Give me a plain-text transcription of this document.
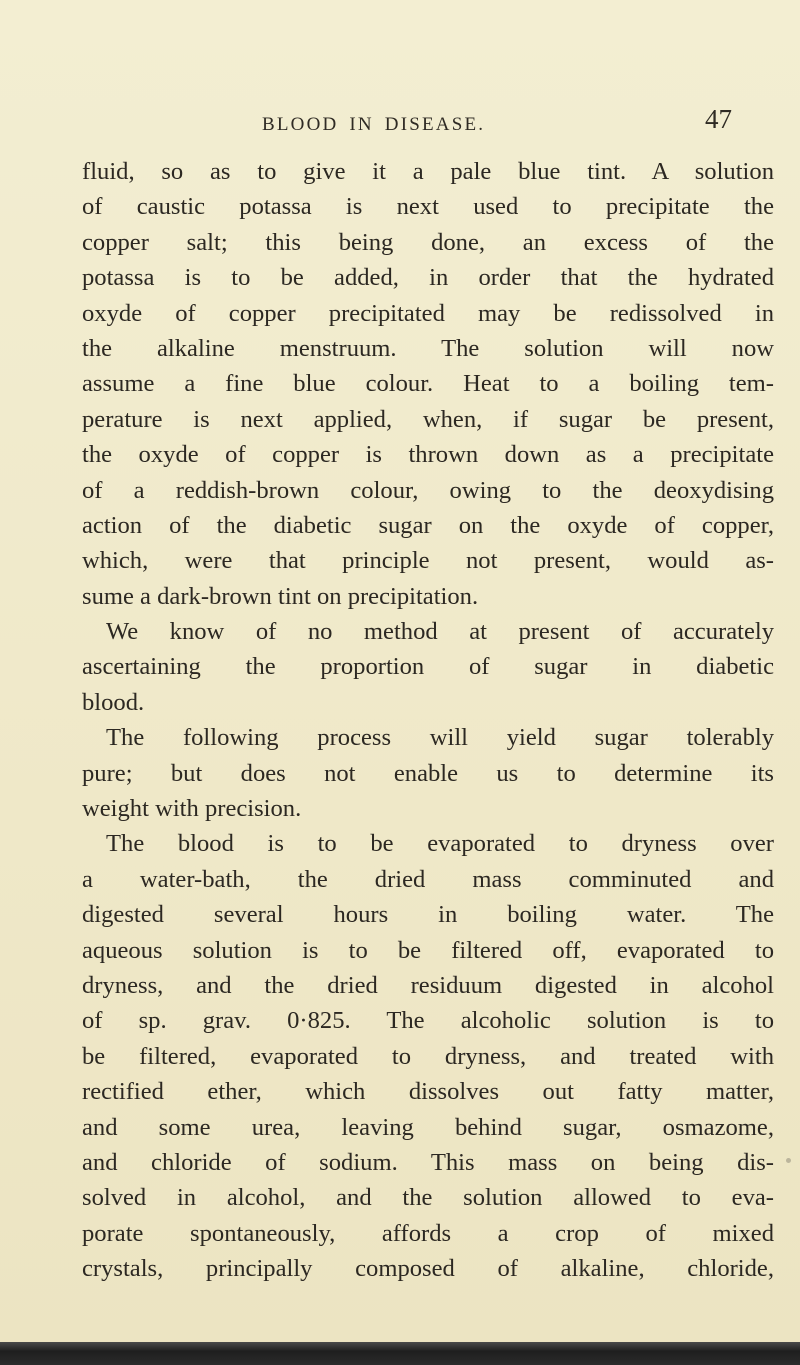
BLOOD IN DISEASE.	47
fluid, so as to give it a pale blue tint. A solution
of caustic potassa is next used to precipitate the
copper salt; this being done, an excess of the
potassa is to be added, in order that the hydrated
oxyde of copper precipitated may be redissolved in
the alkaline menstruum. The solution will now
assume a fine blue colour. Heat to a boiling tem-
perature is next applied, when, if sugar be present,
the oxyde of copper is thrown down as a precipitate
of a reddish-brown colour, owing to the deoxydising
action of the diabetic sugar on the oxyde of copper,
which, were that principle not present, would as-
sume a dark-brown tint on precipitation.
We know of no method at present of accurately
ascertaining the proportion of sugar in diabetic
blood.
The following process will yield sugar tolerably
pure; but does not enable us to determine its
weight with precision.
The blood is to be evaporated to dryness over
a water-bath, the dried mass comminuted and
digested several hours in boiling water. The
aqueous solution is to be filtered off, evaporated to
dryness, and the dried residuum digested in alcohol
of sp. grav. 0·825. The alcoholic solution is to
be filtered, evaporated to dryness, and treated with
rectified ether, which dissolves out fatty matter,
and some urea, leaving behind sugar, osmazome,
and chloride of sodium. This mass on being dis-
solved in alcohol, and the solution allowed to eva-
porate spontaneously, affords a crop of mixed
crystals, principally composed of alkaline, chloride,
